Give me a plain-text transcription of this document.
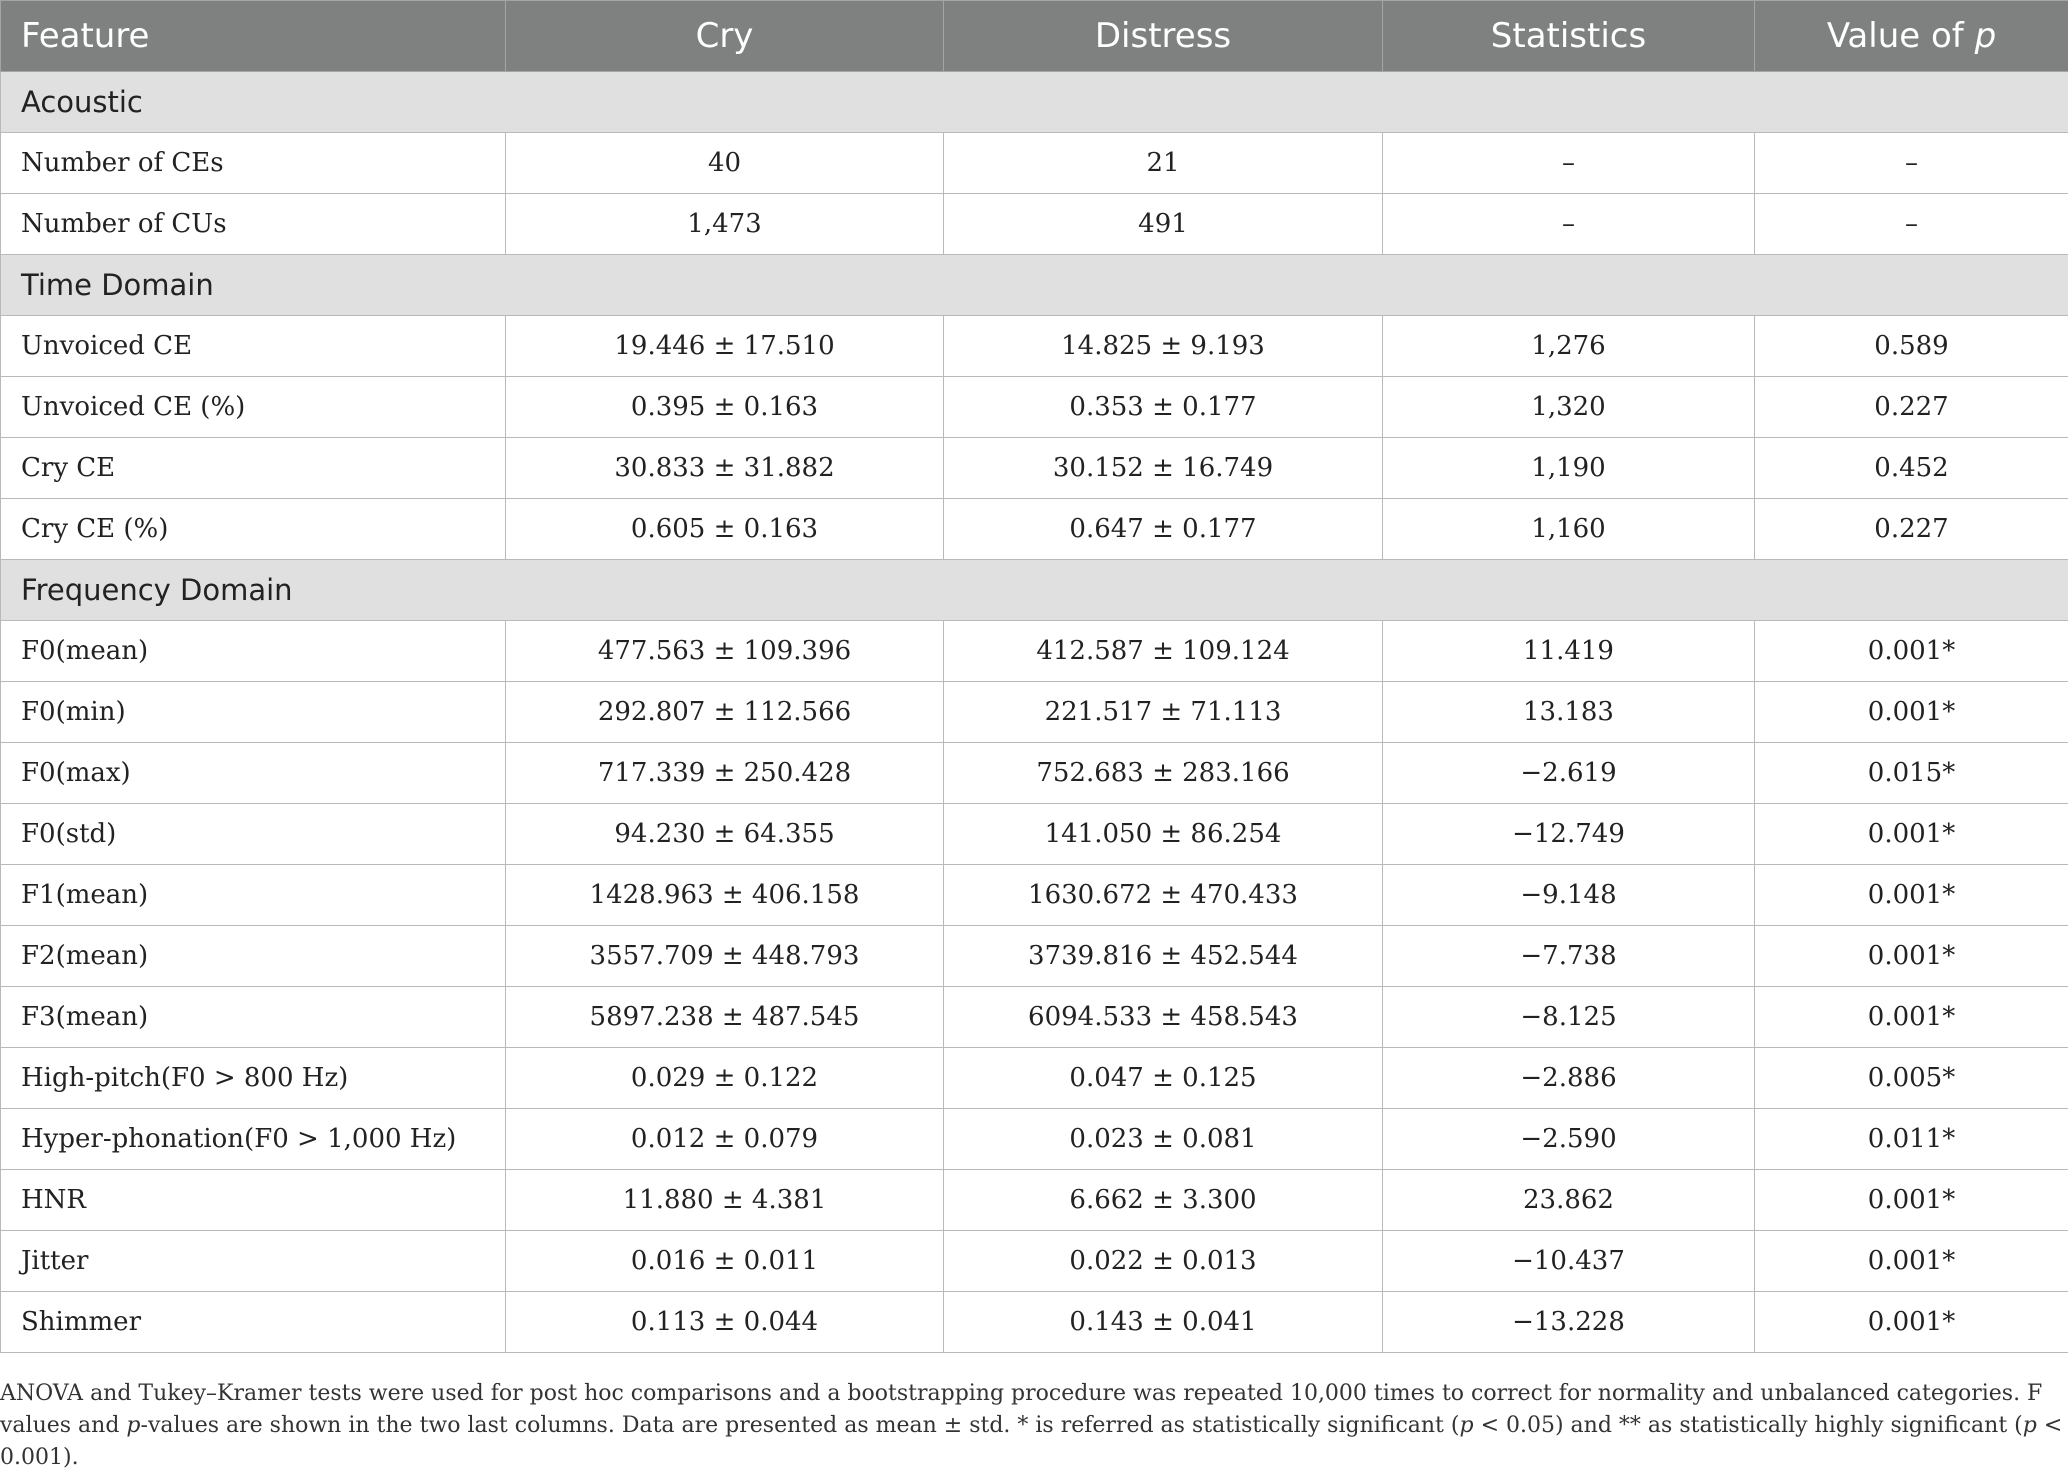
Feature	Cry	Distress	Statistics	Value of p
Acoustic				
Number of CEs	40	21	–	–
Number of CUs	1,473	491	–	–
Time Domain				
Unvoiced CE	19.446 ± 17.510	14.825 ± 9.193	1,276	0.589
Unvoiced CE (%)	0.395 ± 0.163	0.353 ± 0.177	1,320	0.227
Cry CE	30.833 ± 31.882	30.152 ± 16.749	1,190	0.452
Cry CE (%)	0.605 ± 0.163	0.647 ± 0.177	1,160	0.227
Frequency Domain				
F0(mean)	477.563 ± 109.396	412.587 ± 109.124	11.419	0.001*
F0(min)	292.807 ± 112.566	221.517 ± 71.113	13.183	0.001*
F0(max)	717.339 ± 250.428	752.683 ± 283.166	−2.619	0.015*
F0(std)	94.230 ± 64.355	141.050 ± 86.254	−12.749	0.001*
F1(mean)	1428.963 ± 406.158	1630.672 ± 470.433	−9.148	0.001*
F2(mean)	3557.709 ± 448.793	3739.816 ± 452.544	−7.738	0.001*
F3(mean)	5897.238 ± 487.545	6094.533 ± 458.543	−8.125	0.001*
High-pitch(F0 > 800 Hz)	0.029 ± 0.122	0.047 ± 0.125	−2.886	0.005*
Hyper-phonation(F0 > 1,000 Hz)	0.012 ± 0.079	0.023 ± 0.081	−2.590	0.011*
HNR	11.880 ± 4.381	6.662 ± 3.300	23.862	0.001*
Jitter	0.016 ± 0.011	0.022 ± 0.013	−10.437	0.001*
Shimmer	0.113 ± 0.044	0.143 ± 0.041	−13.228	0.001*

ANOVA and Tukey–Kramer tests were used for post hoc comparisons and a bootstrapping procedure was repeated 10,000 times to correct for normality and unbalanced categories. F values and p-values are shown in the two last columns. Data are presented as mean ± std. * is referred as statistically significant (p < 0.05) and ** as statistically highly significant (p < 0.001).
